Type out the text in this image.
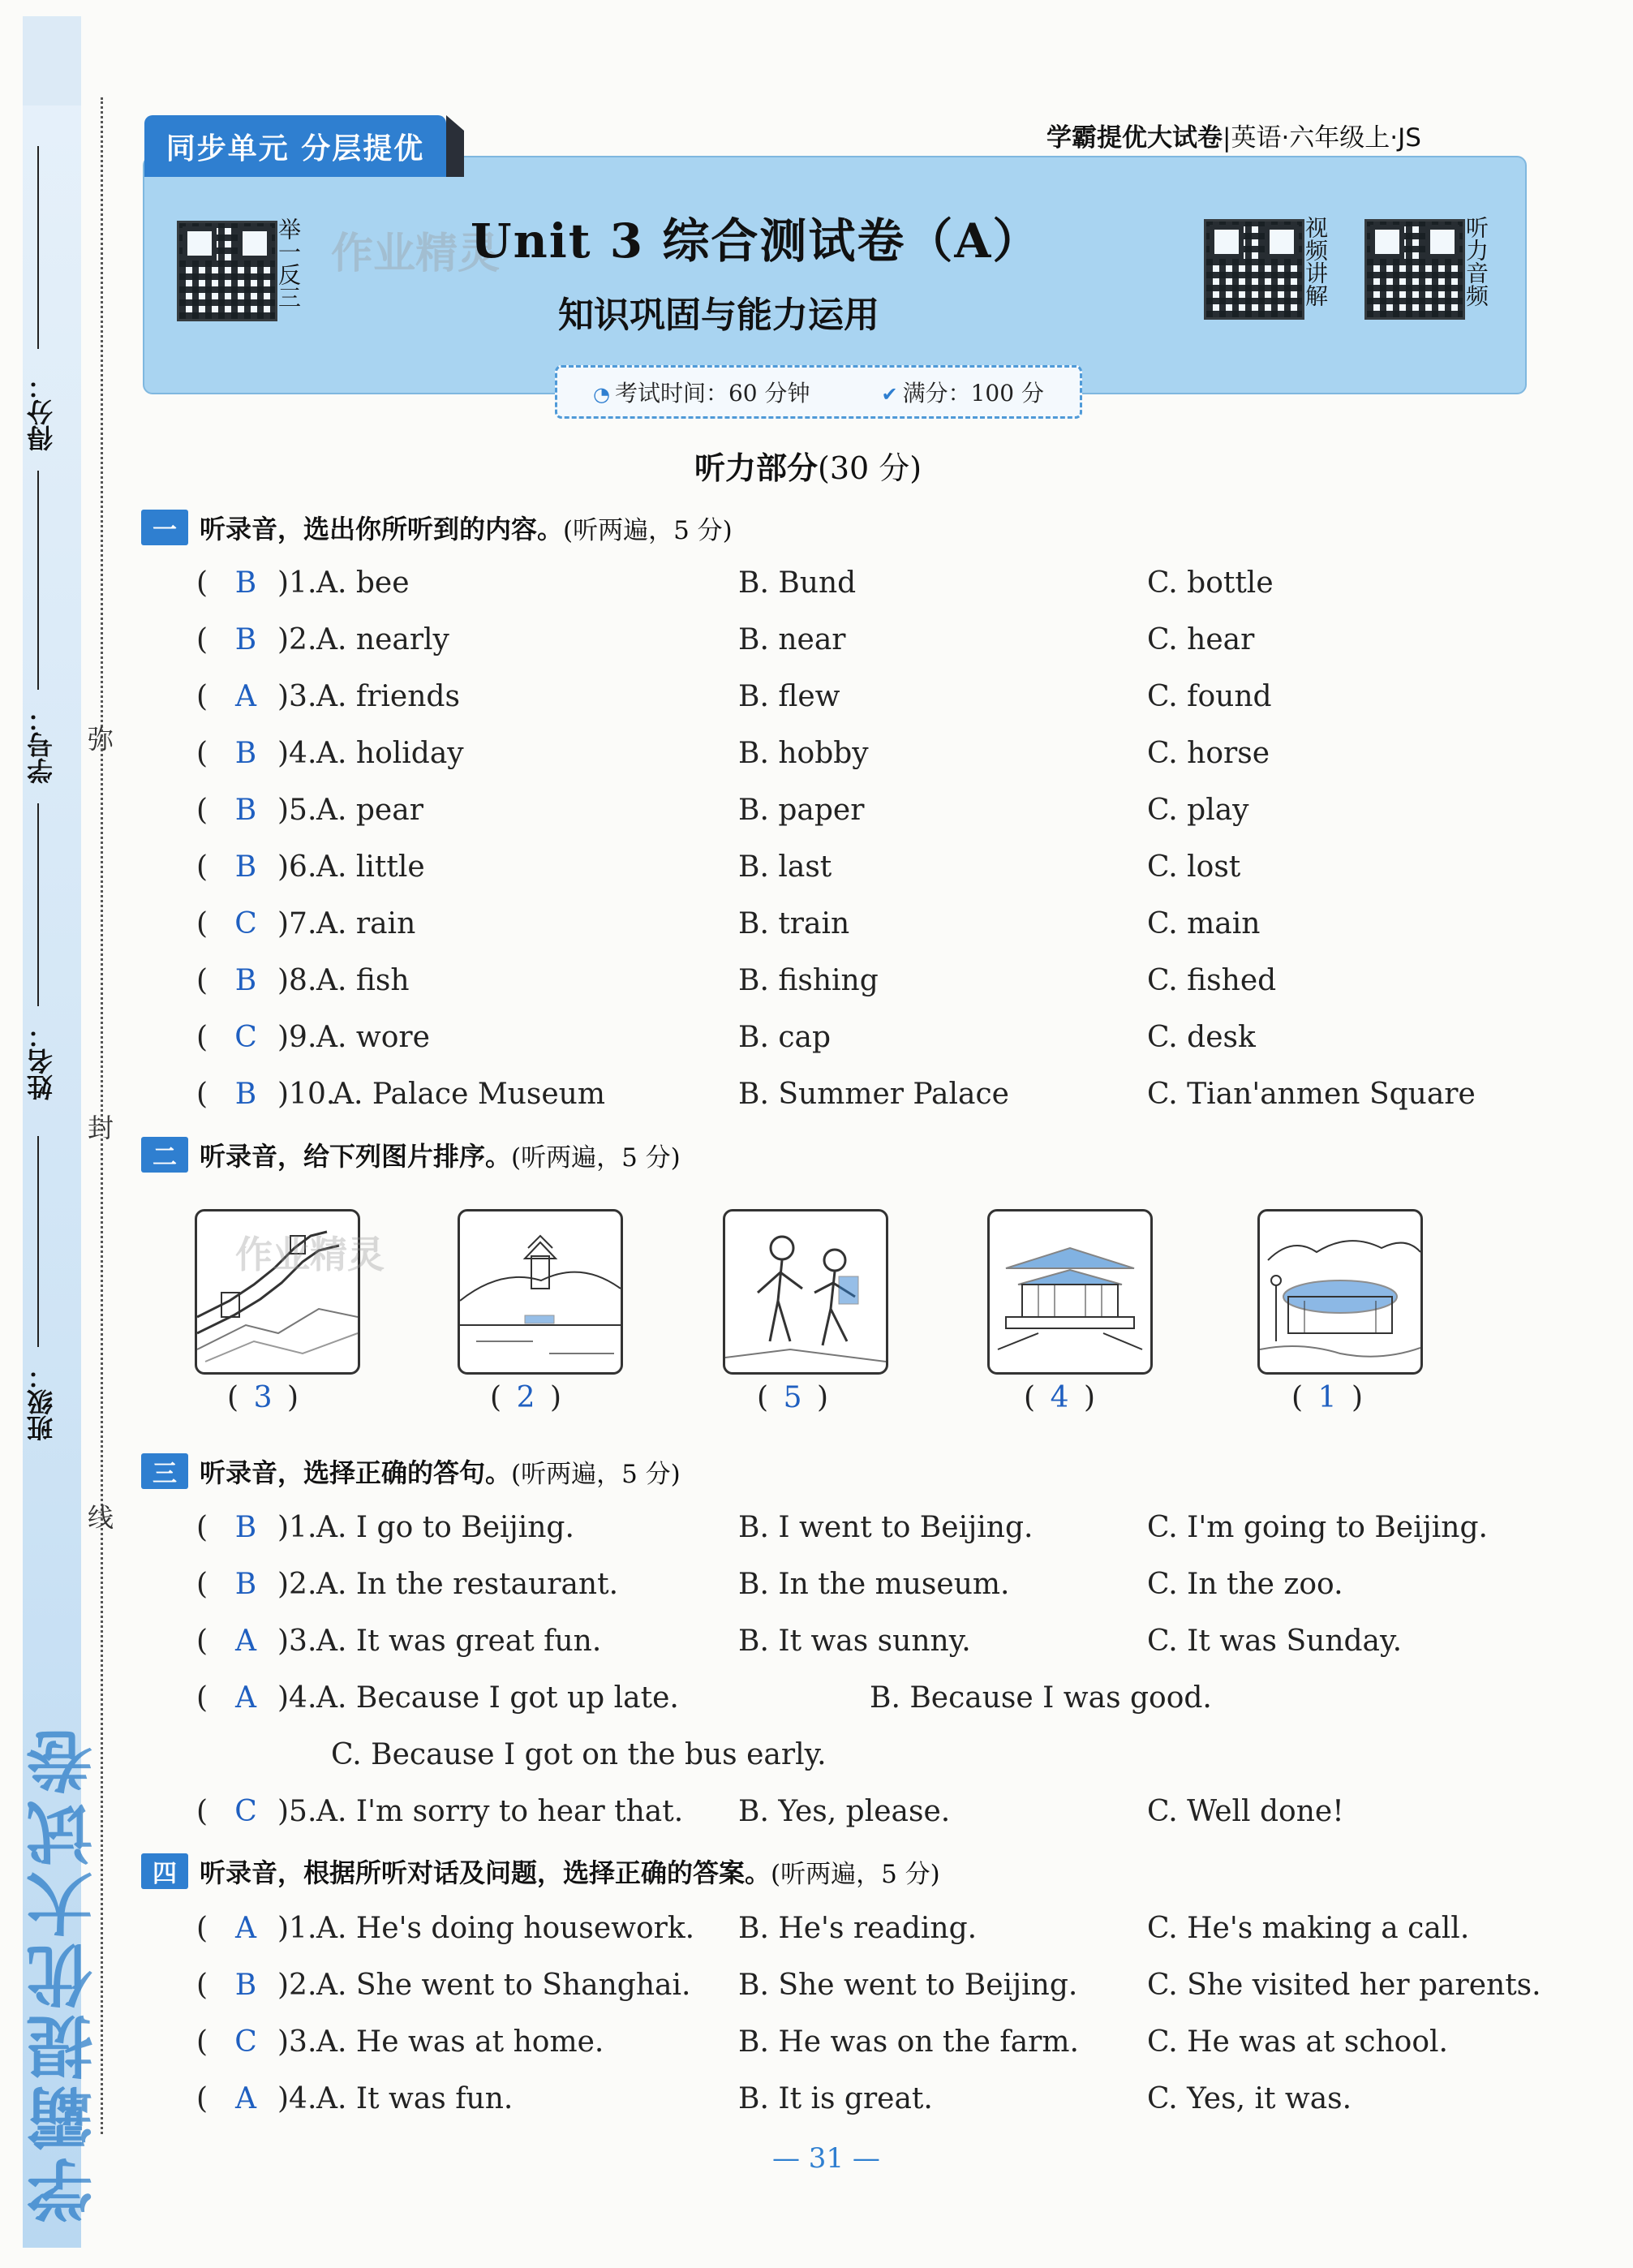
学霸提优大试卷
得分：
学号：
姓名：
班级：
弥
封
线
同步单元 分层提优	学霸提优大试卷|英语·六年级上·JS
举一反三	视频讲解	听力音频
作业精灵
Unit 3 综合测试卷（A）
知识巩固与能力运用
◔ 考试时间：60 分钟	✔ 满分：100 分
听力部分(30 分)
一 听录音，选出你所听到的内容。 (听两遍，5 分)
( B )1. A. bee	B. Bund	C. bottle
( B )2. A. nearly	B. near	C. hear
( A )3. A. friends	B. flew	C. found
( B )4. A. holiday	B. hobby	C. horse
( B )5. A. pear	B. paper	C. play
( B )6. A. little	B. last	C. lost
( C )7. A. rain	B. train	C. main
( B )8. A. fish	B. fishing	C. fished
( C )9. A. wore	B. cap	C. desk
( B )10.
A. Palace Museum	B. Summer Palace	C. Tian'anmen Square
二 听录音，给下列图片排序。 (听两遍，5 分)
( 3 )	( 2 )	( 5 )	( 4 )	( 1 )
作业精灵
三 听录音，选择正确的答句。 (听两遍，5 分)
( B )1. A. I go to Beijing.	B. I went to Beijing.	C. I'm going to Beijing.
( B )2. A. In the restaurant.	B. In the museum.	C. In the zoo.
( A )3. A. It was great fun.	B. It was sunny.	C. It was Sunday.
( A )4. A. Because I got up late.	B. Because I was good.
C. Because I got on the bus early.
( C )5. A. I'm sorry to hear that. B. Yes, please.	C. Well done!
四 听录音，根据所听对话及问题，选择正确的答案。 (听两遍，5 分)
( A )1. A. He's doing housework. B. He's reading.	C. He's making a call.
( B )2. A. She went to Shanghai. B. She went to Beijing. C. She visited her parents.
( C )3. A. He was at home.	B. He was on the farm. C. He was at school.
( A )4. A. It was fun.	B. It is great.	C. Yes, it was.
— 31 —
